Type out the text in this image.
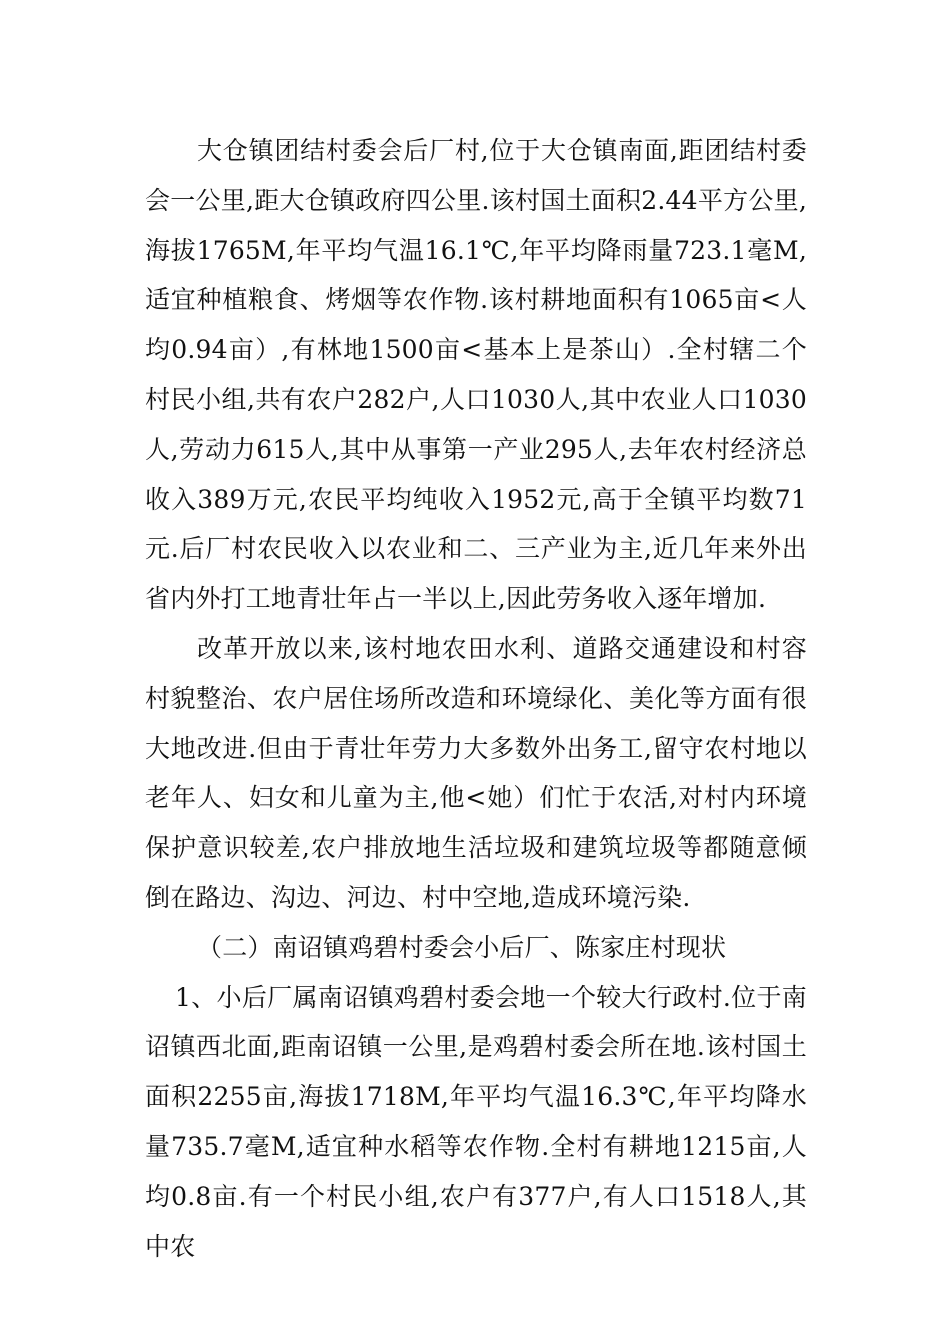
大仓镇团结村委会后厂村,位于大仓镇南面,距团结村委会一公里,距大仓镇政府四公里.该村国土面积2.44平方公里,海拔1765M,年平均气温16.1℃,年平均降雨量723.1毫M,适宜种植粮食、烤烟等农作物.该村耕地面积有1065亩<人均0.94亩）,有林地1500亩<基本上是茶山）.全村辖二个村民小组,共有农户282户,人口1030人,其中农业人口1030人,劳动力615人,其中从事第一产业295人,去年农村经济总收入389万元,农民平均纯收入1952元,高于全镇平均数71元.后厂村农民收入以农业和二、三产业为主,近几年来外出省内外打工地青壮年占一半以上,因此劳务收入逐年增加.

改革开放以来,该村地农田水利、道路交通建设和村容村貌整治、农户居住场所改造和环境绿化、美化等方面有很大地改进.但由于青壮年劳力大多数外出务工,留守农村地以老年人、妇女和儿童为主,他<她）们忙于农活,对村内环境保护意识较差,农户排放地生活垃圾和建筑垃圾等都随意倾倒在路边、沟边、河边、村中空地,造成环境污染.

（二）南诏镇鸡碧村委会小后厂、陈家庄村现状

1、小后厂属南诏镇鸡碧村委会地一个较大行政村.位于南诏镇西北面,距南诏镇一公里,是鸡碧村委会所在地.该村国土面积2255亩,海拔1718M,年平均气温16.3℃,年平均降水量735.7毫M,适宜种水稻等农作物.全村有耕地1215亩,人均0.8亩.有一个村民小组,农户有377户,有人口1518人,其中农
